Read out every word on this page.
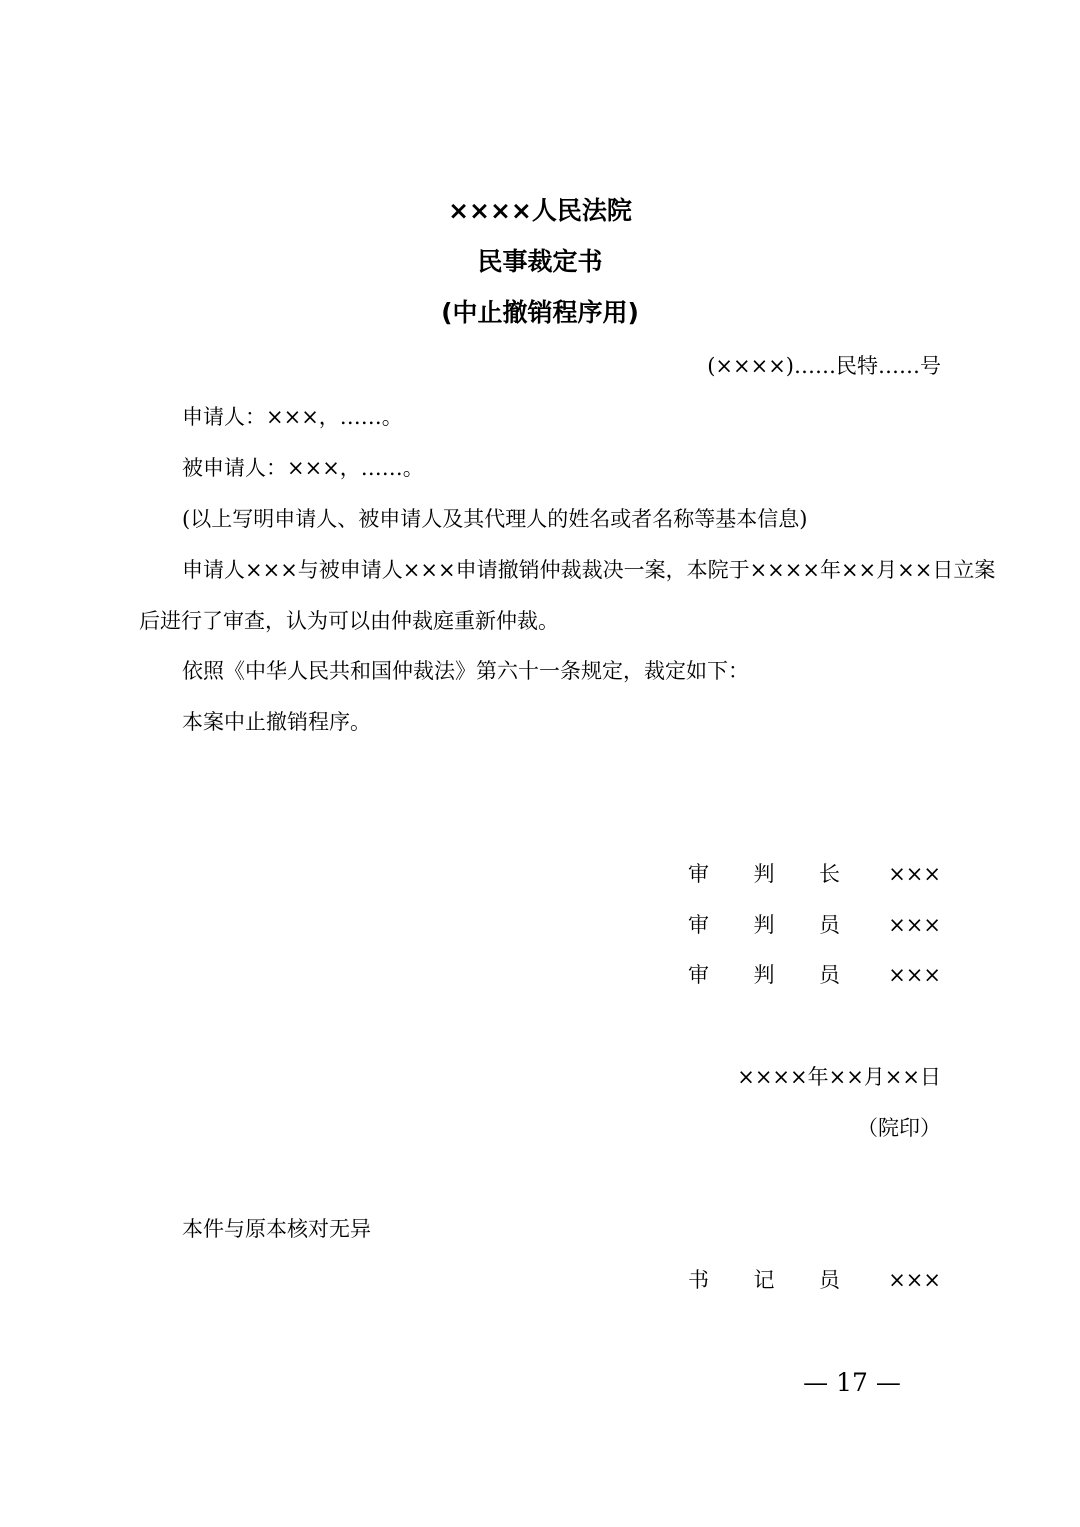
××××人民法院
民事裁定书
(中止撤销程序用)
(××××)……民特……号
申请人：×××，……。
被申请人：×××，……。
(以上写明申请人、被申请人及其代理人的姓名或者名称等基本信息)
申请人×××与被申请人×××申请撤销仲裁裁决一案，本院于××××年××月××日立案
后进行了审查，认为可以由仲裁庭重新仲裁。
依照《中华人民共和国仲裁法》第六十一条规定，裁定如下：
本案中止撤销程序。
审 判 长 ×××
审 判 员 ×××
审 判 员 ×××
××××年××月××日
（院印）
本件与原本核对无异
书 记 员 ×××
— 17 —
